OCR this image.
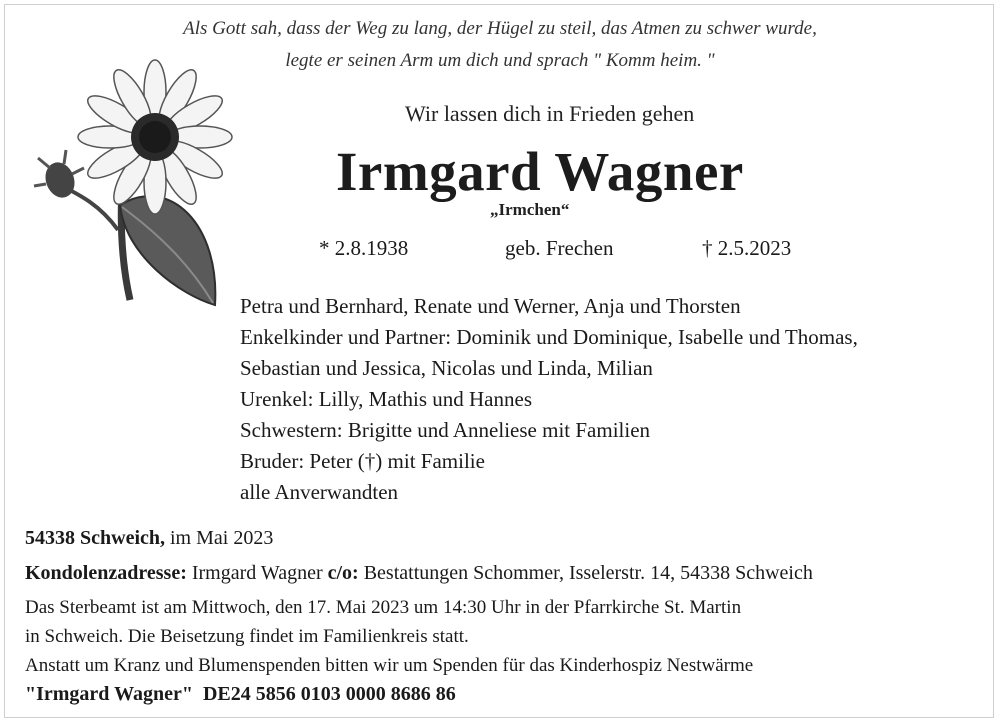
Als Gott sah, dass der Weg zu lang, der Hügel zu steil, das Atmen zu schwer wurde,
legte er seinen Arm um dich und sprach " Komm heim. "
Wir lassen dich in Frieden gehen
Irmgard Wagner
„Irmchen“
* 2.8.1938	geb. Frechen	† 2.5.2023
Petra und Bernhard, Renate und Werner, Anja und Thorsten
Enkelkinder und Partner: Dominik und Dominique, Isabelle und Thomas,
Sebastian und Jessica, Nicolas und Linda, Milian
Urenkel: Lilly, Mathis und Hannes
Schwestern: Brigitte und Anneliese mit Familien
Bruder: Peter (†) mit Familie
alle Anverwandten
54338 Schweich, im Mai 2023
Kondolenzadresse: Irmgard Wagner c/o: Bestattungen Schommer, Isselerstr. 14, 54338 Schweich
Das Sterbeamt ist am Mittwoch, den 17. Mai 2023 um 14:30 Uhr in der Pfarrkirche St. Martin
in Schweich. Die Beisetzung findet im Familienkreis statt.
Anstatt um Kranz und Blumenspenden bitten wir um Spenden für das Kinderhospiz Nestwärme
"Irmgard Wagner" DE24 5856 0103 0000 8686 86
